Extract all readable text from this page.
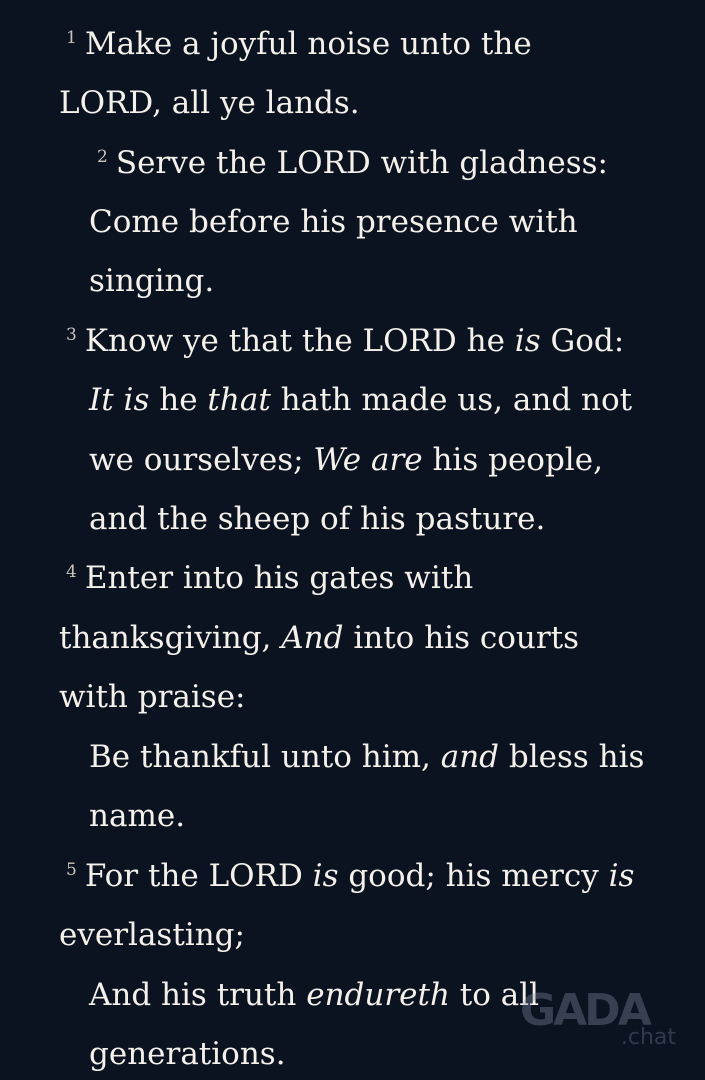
$^1$ Make a joyful noise unto the
LORD, all ye lands.
$^2$ Serve the LORD with gladness:
Come before his presence with
singing.
$^3$ Know ye that the LORD he is God:
It is he that hath made us, and not
we ourselves; We are his people,
and the sheep of his pasture.
$^4$ Enter into his gates with
thanksgiving, And into his courts
with praise:
Be thankful unto him, and bless his
name.
$^5$ For the LORD is good; his mercy is
everlasting;
And his truth endureth to all
generations.
GADA
.chat
